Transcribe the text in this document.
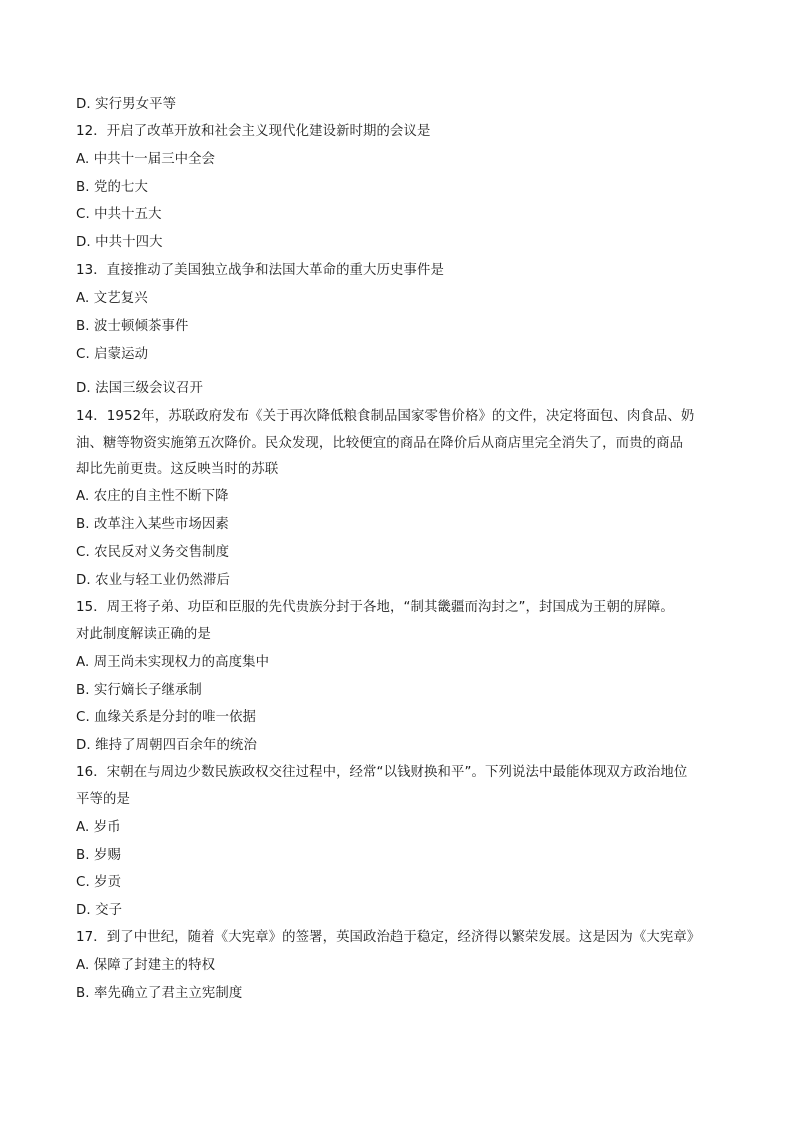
D. 实行男女平等
12．开启了改革开放和社会主义现代化建设新时期的会议是
A. 中共十一届三中全会
B. 党的七大
C. 中共十五大
D. 中共十四大
13．直接推动了美国独立战争和法国大革命的重大历史事件是
A. 文艺复兴
B. 波士顿倾茶事件
C. 启蒙运动
D. 法国三级会议召开
14．1952年，苏联政府发布《关于再次降低粮食制品国家零售价格》的文件，决定将面包、肉食品、奶
油、糖等物资实施第五次降价。民众发现，比较便宜的商品在降价后从商店里完全消失了，而贵的商品
却比先前更贵。这反映当时的苏联
A. 农庄的自主性不断下降
B. 改革注入某些市场因素
C. 农民反对义务交售制度
D. 农业与轻工业仍然滞后
15．周王将子弟、功臣和臣服的先代贵族分封于各地，“制其畿疆而沟封之”，封国成为王朝的屏障。
对此制度解读正确的是
A. 周王尚未实现权力的高度集中
B. 实行嫡长子继承制
C. 血缘关系是分封的唯一依据
D. 维持了周朝四百余年的统治
16．宋朝在与周边少数民族政权交往过程中，经常“以钱财换和平”。下列说法中最能体现双方政治地位
平等的是
A. 岁币
B. 岁赐
C. 岁贡
D. 交子
17．到了中世纪，随着《大宪章》的签署，英国政治趋于稳定，经济得以繁荣发展。这是因为《大宪章》
A. 保障了封建主的特权
B. 率先确立了君主立宪制度
